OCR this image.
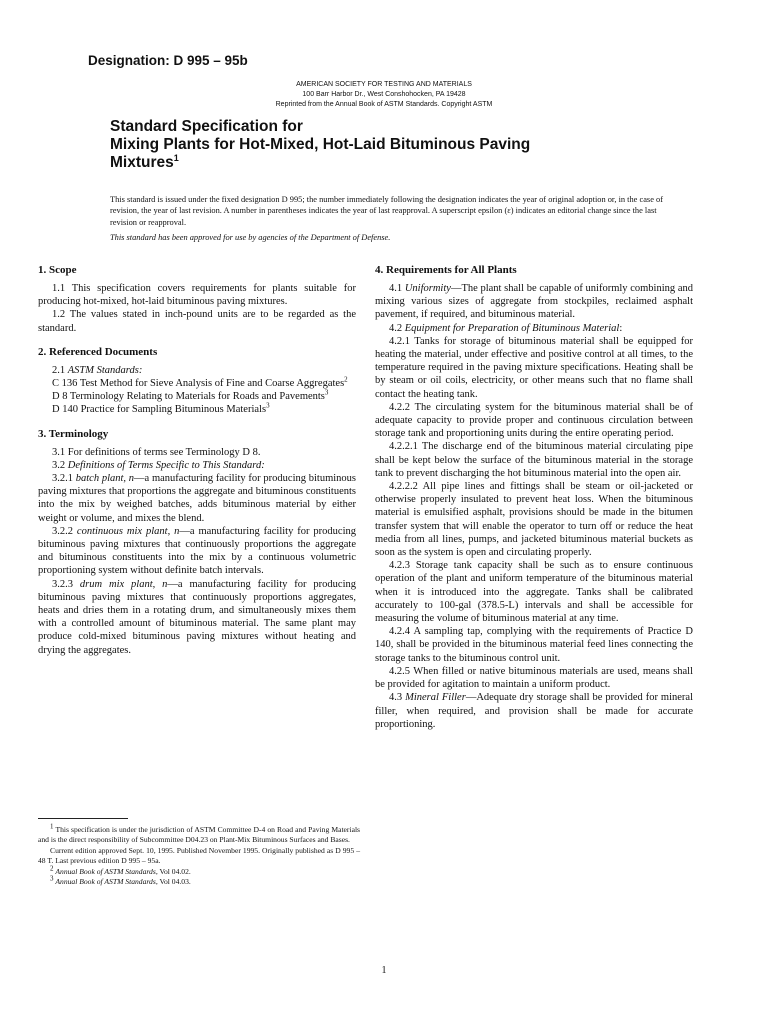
Designation: D 995 – 95b
AMERICAN SOCIETY FOR TESTING AND MATERIALS
100 Barr Harbor Dr., West Conshohocken, PA 19428
Reprinted from the Annual Book of ASTM Standards. Copyright ASTM
Standard Specification for
Mixing Plants for Hot-Mixed, Hot-Laid Bituminous Paving
Mixtures$^1$
This standard is issued under the fixed designation D 995; the number immediately following the designation indicates the year of original adoption or, in the case of revision, the year of last revision. A number in parentheses indicates the year of last reapproval. A superscript epsilon (ε) indicates an editorial change since the last revision or reapproval.
This standard has been approved for use by agencies of the Department of Defense.
1. Scope

1.1 This specification covers requirements for plants suitable for producing hot-mixed, hot-laid bituminous paving mixtures.

1.2 The values stated in inch-pound units are to be regarded as the standard.

2. Referenced Documents

2.1 ASTM Standards:

C 136 Test Method for Sieve Analysis of Fine and Coarse Aggregates$^2$

D 8 Terminology Relating to Materials for Roads and Pavements$^3$

D 140 Practice for Sampling Bituminous Materials$^3$

3. Terminology

3.1 For definitions of terms see Terminology D 8.

3.2 Definitions of Terms Specific to This Standard:

3.2.1 batch plant, n—a manufacturing facility for producing bituminous paving mixtures that proportions the aggregate and bituminous constituents into the mix by weighed batches, adds bituminous material by either weight or volume, and mixes the blend.

3.2.2 continuous mix plant, n—a manufacturing facility for producing bituminous paving mixtures that continuously proportions the aggregate and bituminous constituents into the mix by a continuous volumetric proportioning system without definite batch intervals.

3.2.3 drum mix plant, n—a manufacturing facility for producing bituminous paving mixtures that continuously proportions aggregates, heats and dries them in a rotating drum, and simultaneously mixes them with a controlled amount of bituminous material. The same plant may produce cold-mixed bituminous paving mixtures without heating and drying the aggregates.

4. Requirements for All Plants

4.1 Uniformity—The plant shall be capable of uniformly combining and mixing various sizes of aggregate from stockpiles, reclaimed asphalt pavement, if required, and bituminous material.

4.2 Equipment for Preparation of Bituminous Material:

4.2.1 Tanks for storage of bituminous material shall be equipped for heating the material, under effective and positive control at all times, to the temperature required in the paving mixture specifications. Heating shall be by steam or oil coils, electricity, or other means such that no flame shall contact the heating tank.

4.2.2 The circulating system for the bituminous material shall be of adequate capacity to provide proper and continuous circulation between storage tank and proportioning units during the entire operating period.

4.2.2.1 The discharge end of the bituminous material circulating pipe shall be kept below the surface of the bituminous material in the storage tank to prevent discharging the hot bituminous material into the open air.

4.2.2.2 All pipe lines and fittings shall be steam or oil-jacketed or otherwise properly insulated to prevent heat loss. When the bituminous material is emulsified asphalt, provisions should be made in the bitumen transfer system that will enable the operator to turn off or reduce the heat media from all lines, pumps, and jacketed bituminous material buckets as soon as the system is open and circulating properly.

4.2.3 Storage tank capacity shall be such as to ensure continuous operation of the plant and uniform temperature of the bituminous material when it is introduced into the aggregate. Tanks shall be calibrated accurately to 100-gal (378.5-L) intervals and shall be accessible for measuring the volume of bituminous material at any time.

4.2.4 A sampling tap, complying with the requirements of Practice D 140, shall be provided in the bituminous material feed lines connecting the storage tanks to the bituminous control unit.

4.2.5 When filled or native bituminous materials are used, means shall be provided for agitation to maintain a uniform product.

4.3 Mineral Filler—Adequate dry storage shall be provided for mineral filler, when required, and provision shall be made for accurate proportioning.

$^1$ This specification is under the jurisdiction of ASTM Committee D-4 on Road and Paving Materials and is the direct responsibility of Subcommittee D04.23 on Plant-Mix Bituminous Surfaces and Bases.

Current edition approved Sept. 10, 1995. Published November 1995. Originally published as D 995 – 48 T. Last previous edition D 995 – 95a.

$^2$ Annual Book of ASTM Standards, Vol 04.02.

$^3$ Annual Book of ASTM Standards, Vol 04.03.

1
